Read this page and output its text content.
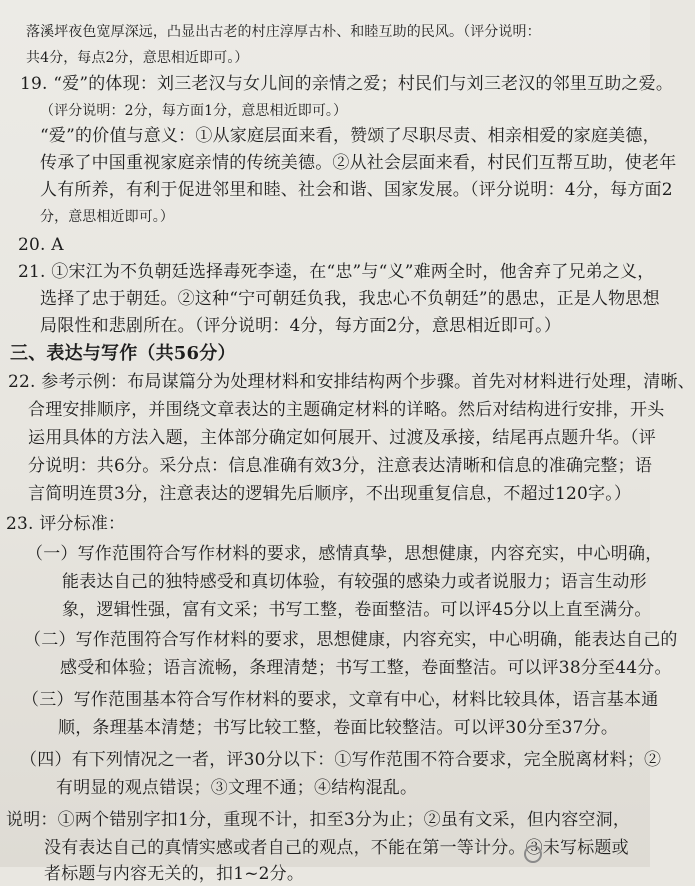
落溪坪夜色宽厚深远，凸显出古老的村庄淳厚古朴、和睦互助的民风。（评分说明：
共4分，每点2分，意思相近即可。）
19. “爱”的体现：刘三老汉与女儿间的亲情之爱；村民们与刘三老汉的邻里互助之爱。
（评分说明：2分，每方面1分，意思相近即可。）
“爱”的价值与意义：①从家庭层面来看，赞颂了尽职尽责、相亲相爱的家庭美德，
传承了中国重视家庭亲情的传统美德。②从社会层面来看，村民们互帮互助，使老年
人有所养，有利于促进邻里和睦、社会和谐、国家发展。（评分说明：4分，每方面2
分，意思相近即可。）
20. A
21. ①宋江为不负朝廷选择毒死李逵，在“忠”与“义”难两全时，他舍弃了兄弟之义，
选择了忠于朝廷。②这种“宁可朝廷负我，我忠心不负朝廷”的愚忠，正是人物思想
局限性和悲剧所在。（评分说明：4分，每方面2分，意思相近即可。）
三、表达与写作（共56分）
22. 参考示例：布局谋篇分为处理材料和安排结构两个步骤。首先对材料进行处理，清晰、
合理安排顺序，并围绕文章表达的主题确定材料的详略。然后对结构进行安排，开头
运用具体的方法入题，主体部分确定如何展开、过渡及承接，结尾再点题升华。（评
分说明：共6分。采分点：信息准确有效3分，注意表达清晰和信息的准确完整；语
言简明连贯3分，注意表达的逻辑先后顺序，不出现重复信息，不超过120字。）
23. 评分标准：
（一）写作范围符合写作材料的要求，感情真挚，思想健康，内容充实，中心明确，
能表达自己的独特感受和真切体验，有较强的感染力或者说服力；语言生动形
象，逻辑性强，富有文采；书写工整，卷面整洁。可以评45分以上直至满分。
（二）写作范围符合写作材料的要求，思想健康，内容充实，中心明确，能表达自己的
感受和体验；语言流畅，条理清楚；书写工整，卷面整洁。可以评38分至44分。
（三）写作范围基本符合写作材料的要求，文章有中心，材料比较具体，语言基本通
顺，条理基本清楚；书写比较工整，卷面比较整洁。可以评30分至37分。
（四）有下列情况之一者，评30分以下：①写作范围不符合要求，完全脱离材料；②
有明显的观点错误；③文理不通；④结构混乱。
说明：①两个错别字扣1分，重现不计，扣至3分为止；②虽有文采，但内容空洞，
没有表达自己的真情实感或者自己的观点，不能在第一等计分。③未写标题或
者标题与内容无关的，扣1~2分。
